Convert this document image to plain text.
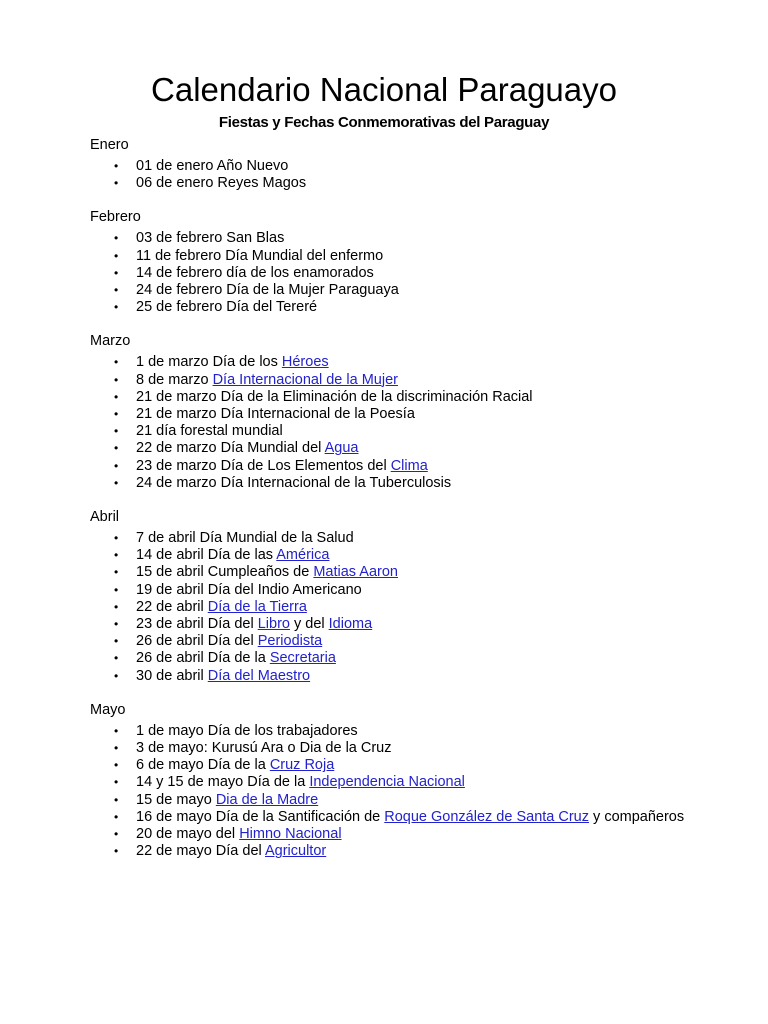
Calendario Nacional Paraguayo
Fiestas y Fechas Conmemorativas del Paraguay
Enero
• 01 de enero Año Nuevo
• 06 de enero Reyes Magos
Febrero
• 03 de febrero San Blas
• 11 de febrero Día Mundial del enfermo
• 14 de febrero día de los enamorados
• 24 de febrero Día de la Mujer Paraguaya
• 25 de febrero Día del Tereré
Marzo
• 1 de marzo Día de los Héroes
• 8 de marzo Día Internacional de la Mujer
• 21 de marzo Día de la Eliminación de la discriminación Racial
• 21 de marzo Día Internacional de la Poesía
• 21 día forestal mundial
• 22 de marzo Día Mundial del Agua
• 23 de marzo Día de Los Elementos del Clima
• 24 de marzo Día Internacional de la Tuberculosis
Abril
• 7 de abril Día Mundial de la Salud
• 14 de abril Día de las América
• 15 de abril Cumpleaños de Matias Aaron
• 19 de abril Día del Indio Americano
• 22 de abril Día de la Tierra
• 23 de abril Día del Libro y del Idioma
• 26 de abril Día del Periodista
• 26 de abril Día de la Secretaria
• 30 de abril Día del Maestro
Mayo
• 1 de mayo Día de los trabajadores
• 3 de mayo: Kurusú Ara o Dia de la Cruz
• 6 de mayo Día de la Cruz Roja
• 14 y 15 de mayo Día de la Independencia Nacional
• 15 de mayo Dia de la Madre
• 16 de mayo Día de la Santificación de Roque González de Santa Cruz y compañeros
• 20 de mayo del Himno Nacional
• 22 de mayo Día del Agricultor
